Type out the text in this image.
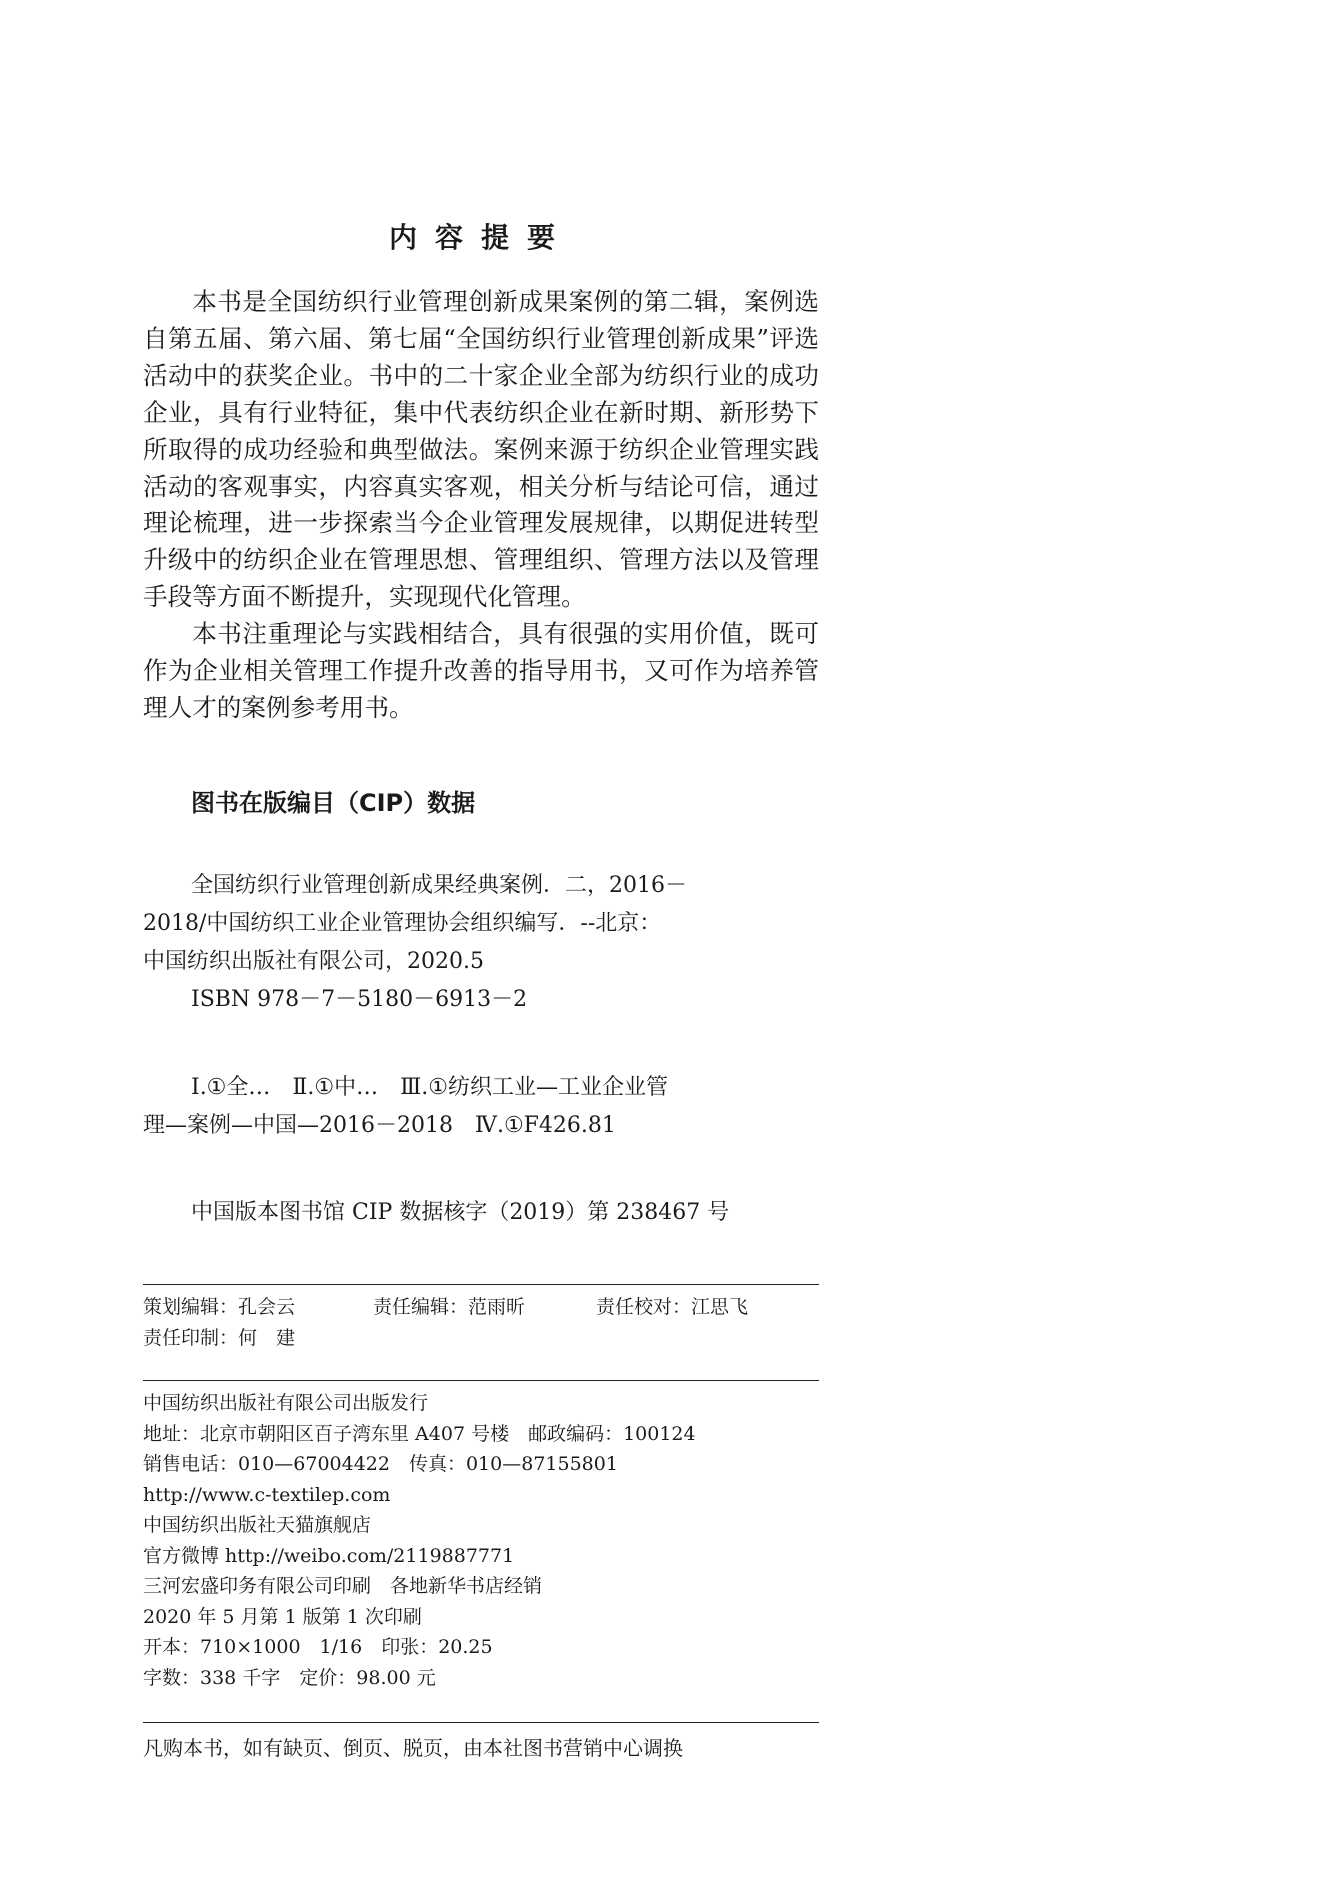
内容提要

本书是全国纺织行业管理创新成果案例的第二辑，案例选自第五届、第六届、第七届“全国纺织行业管理创新成果”评选活动中的获奖企业。书中的二十家企业全部为纺织行业的成功企业，具有行业特征，集中代表纺织企业在新时期、新形势下所取得的成功经验和典型做法。案例来源于纺织企业管理实践活动的客观事实，内容真实客观，相关分析与结论可信，通过理论梳理，进一步探索当今企业管理发展规律，以期促进转型升级中的纺织企业在管理思想、管理组织、管理方法以及管理手段等方面不断提升，实现现代化管理。

本书注重理论与实践相结合，具有很强的实用价值，既可作为企业相关管理工作提升改善的指导用书，又可作为培养管理人才的案例参考用书。

图书在版编目（CIP）数据
全国纺织行业管理创新成果经典案例．二，2016－
2018/中国纺织工业企业管理协会组织编写．--北京：
中国纺织出版社有限公司，2020.5
ISBN 978－7－5180－6913－2
Ⅰ.①全…　Ⅱ.①中…　Ⅲ.①纺织工业—工业企业管
理—案例—中国—2016－2018　Ⅳ.①F426.81
中国版本图书馆 CIP 数据核字（2019）第 238467 号
策划编辑：孔会云	责任编辑：范雨昕	责任校对：江思飞
责任印制：何　建
中国纺织出版社有限公司出版发行
地址：北京市朝阳区百子湾东里 A407 号楼　邮政编码：100124
销售电话：010—67004422　传真：010—87155801
http://www.c-textilep.com
中国纺织出版社天猫旗舰店
官方微博 http://weibo.com/2119887771
三河宏盛印务有限公司印刷　各地新华书店经销
2020 年 5 月第 1 版第 1 次印刷
开本：710×1000　1/16　印张：20.25
字数：338 千字　定价：98.00 元
凡购本书，如有缺页、倒页、脱页，由本社图书营销中心调换
